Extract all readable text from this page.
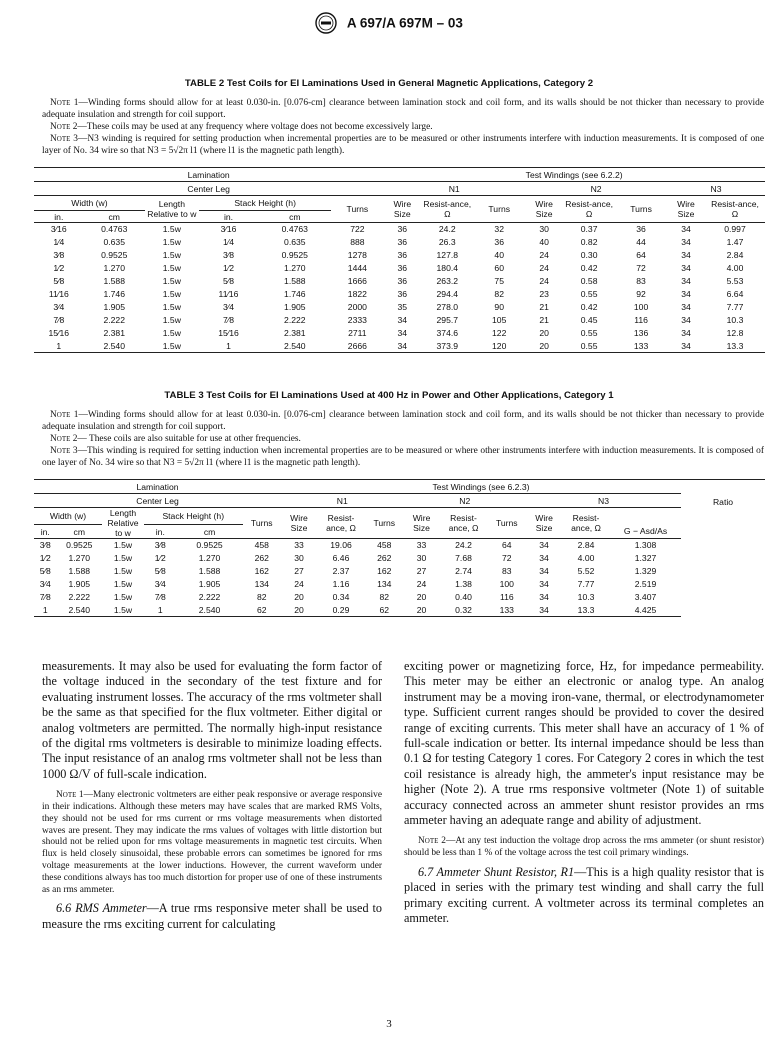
A 697/A 697M – 03
TABLE 2 Test Coils for EI Laminations Used in General Magnetic Applications, Category 2

Note 1—Winding forms should allow for at least 0.030-in. [0.076-cm] clearance between lamination stock and coil form, and its walls should be not thicker than necessary to provide adequate insulation and strength for coil support.

Note 2—These coils may be used at any frequency where voltage does not become excessively large.

Note 3—N3 winding is required for setting production when incremental properties are to be measured or other instruments interfere with induction measurements. It is composed of one layer of No. 34 wire so that N3 = 5√2π l1 (where l1 is the magnetic path length).

Lamination						Test Windings (see 6.2.2)							
Center Leg						N1			N2			N3	
Width (w)		Length Relative to w	Stack Height (h)		Turns	Wire Size	Resist-ance, Ω	Turns	Wire Size	Resist-ance, Ω	Turns	Wire Size	Resist-ance, Ω
in.	cm		in.	cm									
3⁄16	0.4763	1.5w	3⁄16	0.4763	722	36	24.2	32	30	0.37	36	34	0.997
1⁄4	0.635	1.5w	1⁄4	0.635	888	36	26.3	36	40	0.82	44	34	1.47
3⁄8	0.9525	1.5w	3⁄8	0.9525	1278	36	127.8	40	24	0.30	64	34	2.84
1⁄2	1.270	1.5w	1⁄2	1.270	1444	36	180.4	60	24	0.42	72	34	4.00
5⁄8	1.588	1.5w	5⁄8	1.588	1666	36	263.2	75	24	0.58	83	34	5.53
11⁄16	1.746	1.5w	11⁄16	1.746	1822	36	294.4	82	23	0.55	92	34	6.64
3⁄4	1.905	1.5w	3⁄4	1.905	2000	35	278.0	90	21	0.42	100	34	7.77
7⁄8	2.222	1.5w	7⁄8	2.222	2333	34	295.7	105	21	0.45	116	34	10.3
15⁄16	2.381	1.5w	15⁄16	2.381	2711	34	374.6	122	20	0.55	136	34	12.8
1	2.540	1.5w	1	2.540	2666	34	373.9	120	20	0.55	133	34	13.3
TABLE 3 Test Coils for EI Laminations Used at 400 Hz in Power and Other Applications, Category 1

Note 1—Winding forms should allow for at least 0.030-in. [0.076-cm] clearance between lamination stock and coil form, and its walls should be not thicker than necessary to provide adequate insulation and strength for coil support.

Note 2— These coils are also suitable for use at other frequencies.

Note 3—This winding is required for setting induction when incremental properties are to be measured or where other instruments interfere with induction measurements. It is composed of one layer of No. 34 wire so that N3 = 5√2π l1 (where l1 is the magnetic path length).

Lamination						Test Windings (see 6.2.3)									Ratio
Center Leg						N1			N2			N3			
Width (w)		Length Relative to w	Stack Height (h)		Turns	Wire Size	Resist-ance, Ω	Turns	Wire Size	Resist-ance, Ω	Turns	Wire Size	Resist-ance, Ω		
in.	cm		in.	cm										G − Asd/As	
3⁄8	0.9525	1.5w	3⁄8	0.9525	458	33	19.06	458	33	24.2	64	34	2.84	1.308	
1⁄2	1.270	1.5w	1⁄2	1.270	262	30	6.46	262	30	7.68	72	34	4.00	1.327	
5⁄8	1.588	1.5w	5⁄8	1.588	162	27	2.37	162	27	2.74	83	34	5.52	1.329	
3⁄4	1.905	1.5w	3⁄4	1.905	134	24	1.16	134	24	1.38	100	34	7.77	2.519	
7⁄8	2.222	1.5w	7⁄8	2.222	82	20	0.34	82	20	0.40	116	34	10.3	3.407	
1	2.540	1.5w	1	2.540	62	20	0.29	62	20	0.32	133	34	13.3	4.425	

measurements. It may also be used for evaluating the form factor of the voltage induced in the secondary of the test fixture and for evaluating instrument losses. The accuracy of the rms voltmeter shall be the same as that specified for the flux voltmeter. Either digital or analog voltmeters are permitted. The normally high-input resistance of the digital rms voltmeters is desirable to minimize loading effects. The input resistance of an analog rms voltmeter shall not be less than 1000 Ω/V of full-scale indication.

Note 1—Many electronic voltmeters are either peak responsive or average responsive in their indications. Although these meters may have scales that are marked RMS Volts, they should not be used for rms current or rms voltage measurements when distorted waves are present. They may indicate the rms values of voltages with little distortion but should not be relied upon for rms voltage measurements in magnetic test circuits. When flux is held closely sinusoidal, these probable errors can sometimes be ignored for rms voltage measurements at the lower inductions. However, the current waveform under these conditions always has too much distortion for proper use of one of these instruments as an rms ammeter.

6.6 RMS Ammeter—A true rms responsive meter shall be used to measure the rms exciting current for calculating

exciting power or magnetizing force, Hz, for impedance permeability. This meter may be either an electronic or analog type. An analog instrument may be a moving iron-vane, thermal, or electrodynamometer type. Sufficient current ranges should be provided to cover the desired range of exciting currents. This meter shall have an accuracy of 1 % of full-scale indication or better. Its internal impedance should be less than 0.1 Ω for testing Category 1 cores. For Category 2 cores in which the test coil resistance is already high, the ammeter's input resistance may be higher (Note 2). A true rms responsive voltmeter (Note 1) of suitable accuracy connected across an ammeter shunt resistor provides an rms ammeter having an adequate range and ability of adjustment.

Note 2—At any test induction the voltage drop across the rms ammeter (or shunt resistor) should be less than 1 % of the voltage across the test coil primary windings.

6.7 Ammeter Shunt Resistor, R1—This is a high quality resistor that is placed in series with the primary test winding and shall carry the full primary exciting current. A voltmeter across its terminal completes an ammeter.

3
